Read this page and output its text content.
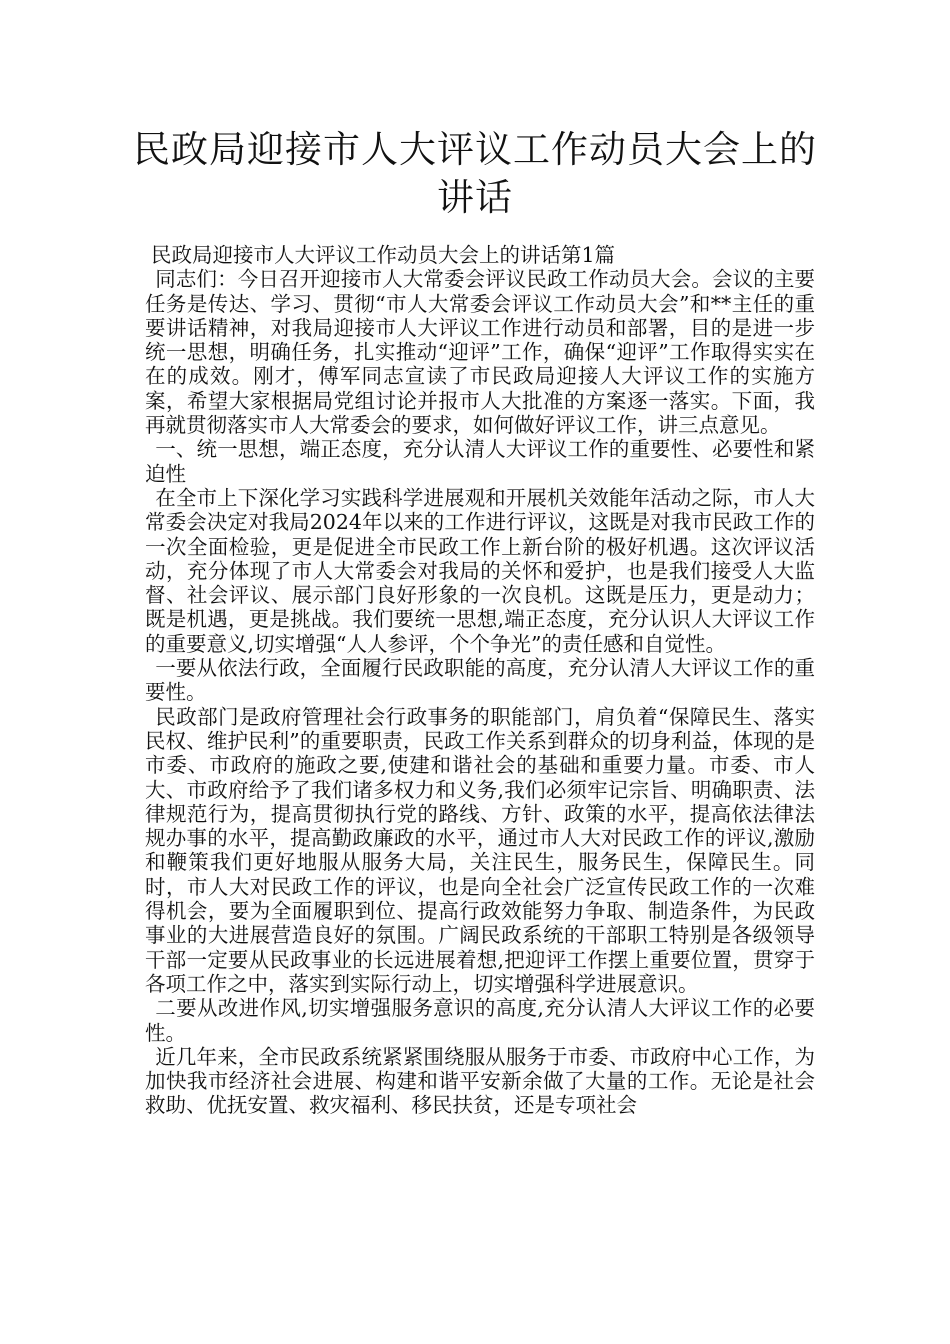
民政局迎接市人大评议工作动员大会上的讲话

民政局迎接市人大评议工作动员大会上的讲话第1篇

同志们：今日召开迎接市人大常委会评议民政工作动员大会。会议的主要任务是传达、学习、贯彻“市人大常委会评议工作动员大会”和**主任的重要讲话精神，对我局迎接市人大评议工作进行动员和部署，目的是进一步统一思想，明确任务，扎实推动“迎评”工作，确保“迎评”工作取得实实在在的成效。刚才，傅军同志宣读了市民政局迎接人大评议工作的实施方案，希望大家根据局党组讨论并报市人大批准的方案逐一落实。下面，我再就贯彻落实市人大常委会的要求，如何做好评议工作，讲三点意见。

一、统一思想，端正态度，充分认清人大评议工作的重要性、必要性和紧迫性

在全市上下深化学习实践科学进展观和开展机关效能年活动之际，市人大常委会决定对我局2024年以来的工作进行评议，这既是对我市民政工作的一次全面检验，更是促进全市民政工作上新台阶的极好机遇。这次评议活动，充分体现了市人大常委会对我局的关怀和爱护，也是我们接受人大监督、社会评议、展示部门良好形象的一次良机。这既是压力，更是动力；既是机遇，更是挑战。我们要统一思想,端正态度，充分认识人大评议工作的重要意义,切实增强“人人参评，个个争光”的责任感和自觉性。

一要从依法行政，全面履行民政职能的高度，充分认清人大评议工作的重要性。

民政部门是政府管理社会行政事务的职能部门，肩负着“保障民生、落实民权、维护民利”的重要职责，民政工作关系到群众的切身利益，体现的是市委、市政府的施政之要,使建和谐社会的基础和重要力量。市委、市人大、市政府给予了我们诸多权力和义务,我们必须牢记宗旨、明确职责、法律规范行为，提高贯彻执行党的路线、方针、政策的水平，提高依法律法规办事的水平，提高勤政廉政的水平，通过市人大对民政工作的评议,激励和鞭策我们更好地服从服务大局，关注民生，服务民生，保障民生。同时，市人大对民政工作的评议，也是向全社会广泛宣传民政工作的一次难得机会，要为全面履职到位、提高行政效能努力争取、制造条件，为民政事业的大进展营造良好的氛围。广阔民政系统的干部职工特别是各级领导干部一定要从民政事业的长远进展着想,把迎评工作摆上重要位置，贯穿于各项工作之中，落实到实际行动上，切实增强科学进展意识。

二要从改进作风,切实增强服务意识的高度,充分认清人大评议工作的必要性。

近几年来，全市民政系统紧紧围绕服从服务于市委、市政府中心工作，为加快我市经济社会进展、构建和谐平安新余做了大量的工作。无论是社会救助、优抚安置、救灾福利、移民扶贫，还是专项社会
